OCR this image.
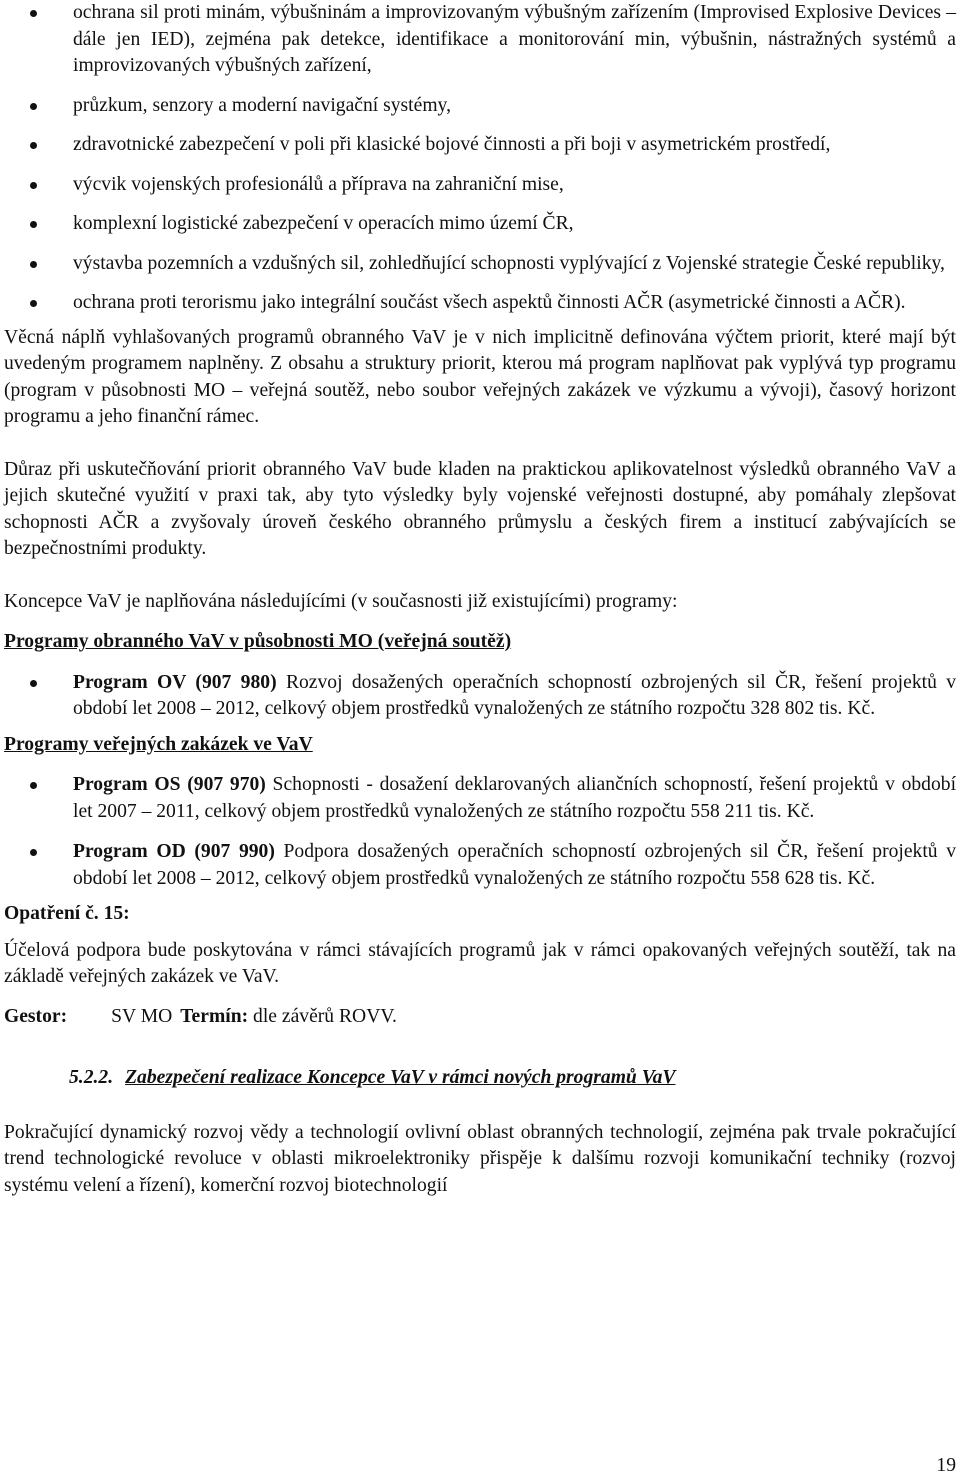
ochrana sil proti minám, výbušninám a improvizovaným výbušným zařízením (Improvised Explosive Devices – dále jen IED), zejména pak detekce, identifikace a monitorování min, výbušnin, nástražných systémů a improvizovaných výbušných zařízení,
průzkum, senzory a moderní navigační systémy,
zdravotnické zabezpečení v poli při klasické bojové činnosti a při boji v asymetrickém prostředí,
výcvik vojenských profesionálů a příprava na zahraniční mise,
komplexní logistické zabezpečení v operacích mimo území ČR,
výstavba pozemních a vzdušných sil, zohledňující schopnosti vyplývající z Vojenské strategie České republiky,
ochrana proti terorismu jako integrální součást všech aspektů činnosti AČR (asymetrické činnosti a AČR).

Věcná náplň vyhlašovaných programů obranného VaV je v nich implicitně definována výčtem priorit, které mají být uvedeným programem naplněny. Z obsahu a struktury priorit, kterou má program naplňovat pak vyplývá typ programu (program v působnosti MO – veřejná soutěž, nebo soubor veřejných zakázek ve výzkumu a vývoji), časový horizont programu a jeho finanční rámec.

Důraz při uskutečňování priorit obranného VaV bude kladen na praktickou aplikovatelnost výsledků obranného VaV a jejich skutečné využití v praxi tak, aby tyto výsledky byly vojenské veřejnosti dostupné, aby pomáhaly zlepšovat schopnosti AČR a zvyšovaly úroveň českého obranného průmyslu a českých firem a institucí zabývajících se bezpečnostními produkty.

Koncepce VaV je naplňována následujícími (v současnosti již existujícími) programy:

Programy obranného VaV v působnosti MO (veřejná soutěž)

Program OV (907 980) Rozvoj dosažených operačních schopností ozbrojených sil ČR, řešení projektů v období let 2008 – 2012, celkový objem prostředků vynaložených ze státního rozpočtu 328 802 tis. Kč.

Programy veřejných zakázek ve VaV

Program OS (907 970) Schopnosti - dosažení deklarovaných aliančních schopností, řešení projektů v období let 2007 – 2011, celkový objem prostředků vynaložených ze státního rozpočtu 558 211 tis. Kč.
Program OD (907 990) Podpora dosažených operačních schopností ozbrojených sil ČR, řešení projektů v období let 2008 – 2012, celkový objem prostředků vynaložených ze státního rozpočtu 558 628 tis. Kč.

Opatření č. 15:

Účelová podpora bude poskytována v rámci stávajících programů jak v rámci opakovaných veřejných soutěží, tak na základě veřejných zakázek ve VaV.

Gestor: SV MO Termín: dle závěrů ROVV.

5.2.2. Zabezpečení realizace Koncepce VaV v rámci nových programů VaV

Pokračující dynamický rozvoj vědy a technologií ovlivní oblast obranných technologií, zejména pak trvale pokračující trend technologické revoluce v oblasti mikroelektroniky přispěje k dalšímu rozvoji komunikační techniky (rozvoj systému velení a řízení), komerční rozvoj biotechnologií

19
